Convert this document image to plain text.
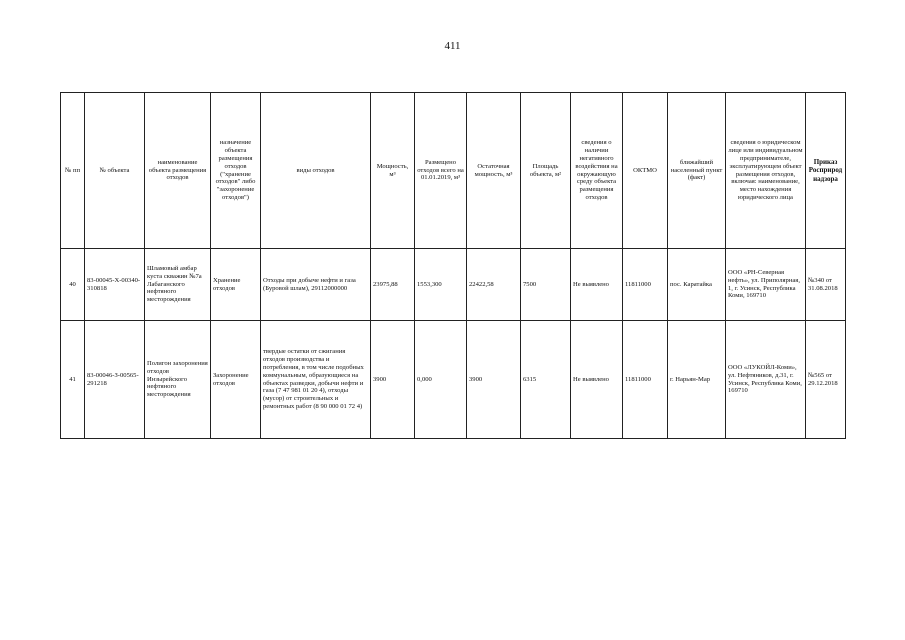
411
№ пп	№ объекта	наименование объекта размещения отходов	назначение объекта размещения отходов ("хранение отходов" либо "захоронение отходов")	виды отходов	Мощность, м³	Размещено отходов всего на 01.01.2019, м³	Остаточная мощность, м³	Площадь объекта, м²	сведения о наличии негативного воздействия на окружающую среду объекта размещения отходов	ОКТМО	ближайший населенный пункт (факт)	сведения о юридическом лице или индивидуальном предпринимателе, эксплуатирующем объект размещения отходов, включая: наименование, место нахождения юридического лица	Приказ Росприроднадзора
40	83-00045-Х-00340-310818	Шламовый амбар куста скважин №7а Лабаганского нефтяного месторождения	Хранение отходов	Отходы при добыче нефти и газа (Буровой шлам), 29112000000	23975,88	1553,300	22422,58	7500	Не выявлено	11811000	пос. Каратайка	ООО «РН-Северная нефть», ул. Приполярная, 1, г. Усинск, Республика Коми, 169710	№340 от 31.08.2018
41	83-00046-З-00565-291218	Полигон захоронения отходов Инзырейского нефтяного месторождения	Захоронение отходов	твердые остатки от сжигания отходов производства и потребления, в том числе подобных коммунальным, образующиеся на объектах разведки, добычи нефти и газа (7 47 981 01 20 4), отходы (мусор) от строительных и ремонтных работ (8 90 000 01 72 4)	3900	0,000	3900	6315	Не выявлено	11811000	г. Нарьян-Мар	ООО «ЛУКОЙЛ-Коми», ул. Нефтяников, д.31, г. Усинск, Республика Коми, 169710	№565 от 29.12.2018
